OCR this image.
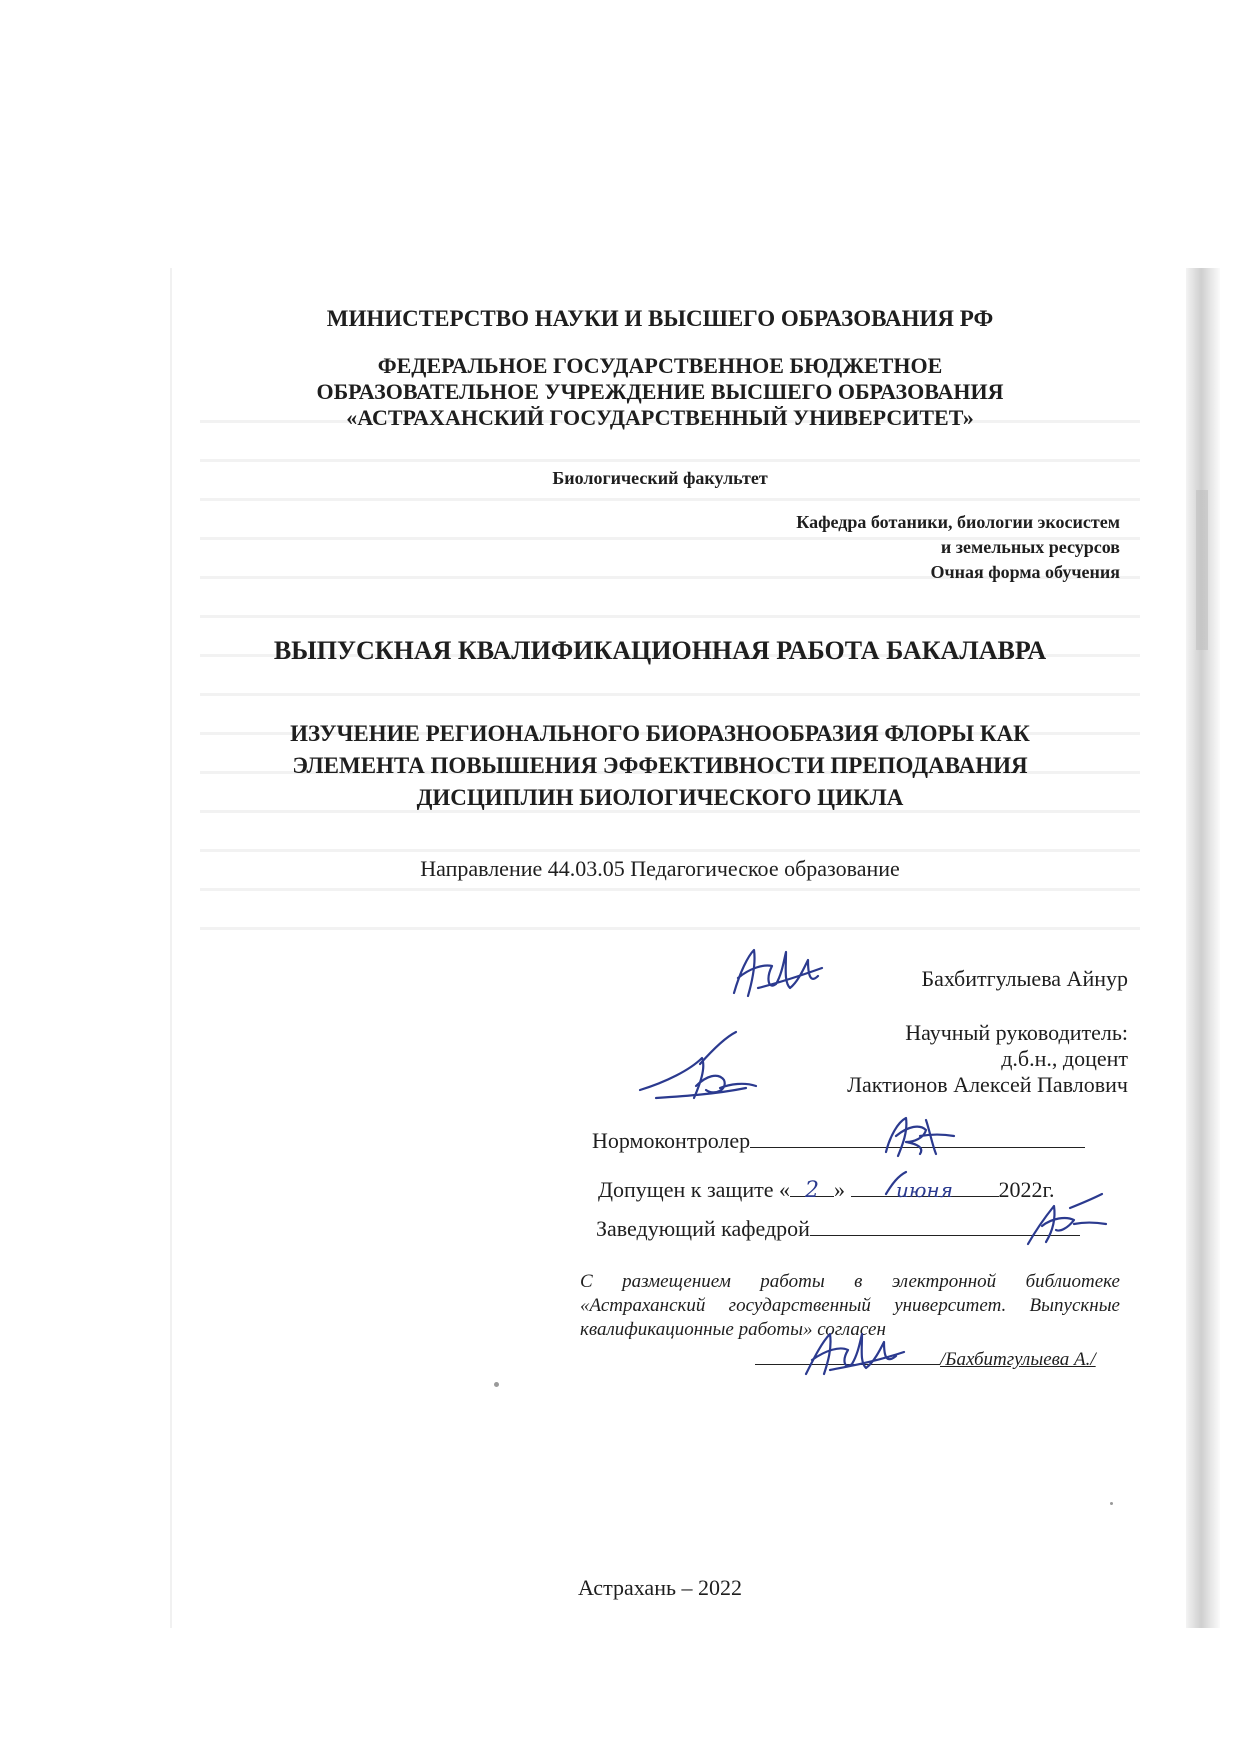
МИНИСТЕРСТВО НАУКИ И ВЫСШЕГО ОБРАЗОВАНИЯ РФ
ФЕДЕРАЛЬНОЕ ГОСУДАРСТВЕННОЕ БЮДЖЕТНОЕ
ОБРАЗОВАТЕЛЬНОЕ УЧРЕЖДЕНИЕ ВЫСШЕГО ОБРАЗОВАНИЯ
«АСТРАХАНСКИЙ ГОСУДАРСТВЕННЫЙ УНИВЕРСИТЕТ»
Биологический факультет
Кафедра ботаники, биологии экосистем
и земельных ресурсов
Очная форма обучения
ВЫПУСКНАЯ КВАЛИФИКАЦИОННАЯ РАБОТА БАКАЛАВРА
ИЗУЧЕНИЕ РЕГИОНАЛЬНОГО БИОРАЗНООБРАЗИЯ ФЛОРЫ КАК
ЭЛЕМЕНТА ПОВЫШЕНИЯ ЭФФЕКТИВНОСТИ ПРЕПОДАВАНИЯ
ДИСЦИПЛИН БИОЛОГИЧЕСКОГО ЦИКЛА
Направление 44.03.05 Педагогическое образование
Бахбитгулыева Айнур
Научный руководитель:
д.б.н., доцент
Лактионов Алексей Павлович
Нормоконтролер
Допущен к защите « 2 »	июня 2022г.
Заведующий кафедрой
С размещением работы в электронной библиотеке «Астраханский государственный университет. Выпускные квалификационные работы» согласен
/Бахбитгулыева А./
Астрахань – 2022
